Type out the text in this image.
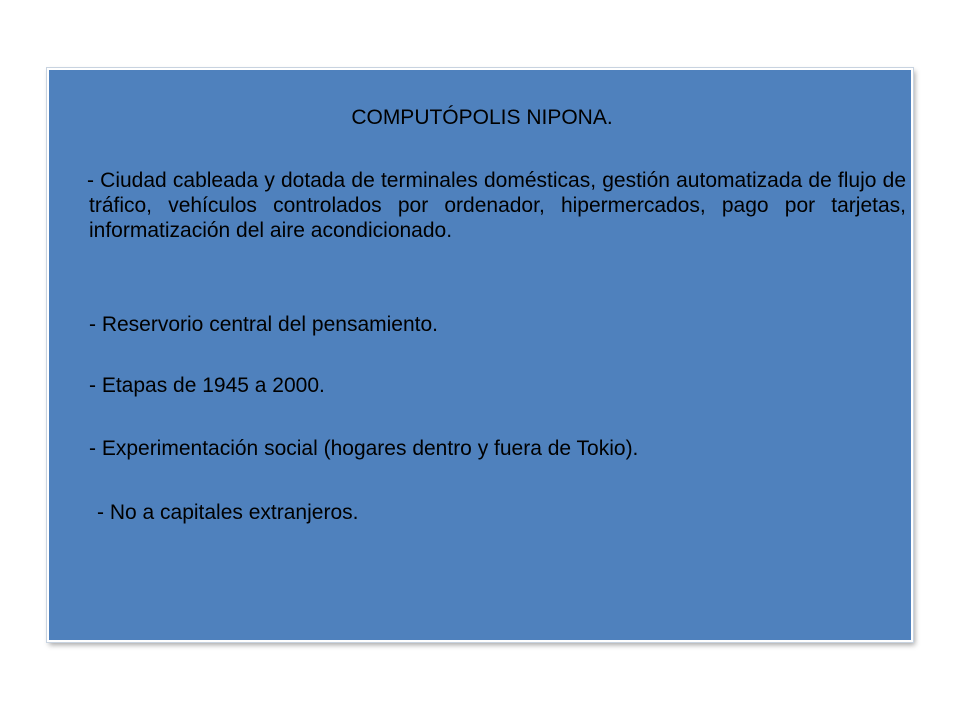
COMPUTÓPOLIS NIPONA.

- Ciudad cableada y dotada de terminales domésticas, gestión automatizada de flujo de tráfico, vehículos controlados por ordenador, hipermercados, pago por tarjetas, informatización del aire acondicionado.

- Reservorio central del pensamiento.

- Etapas de 1945 a 2000.

- Experimentación social (hogares dentro y fuera de Tokio).

- No a capitales extranjeros.
